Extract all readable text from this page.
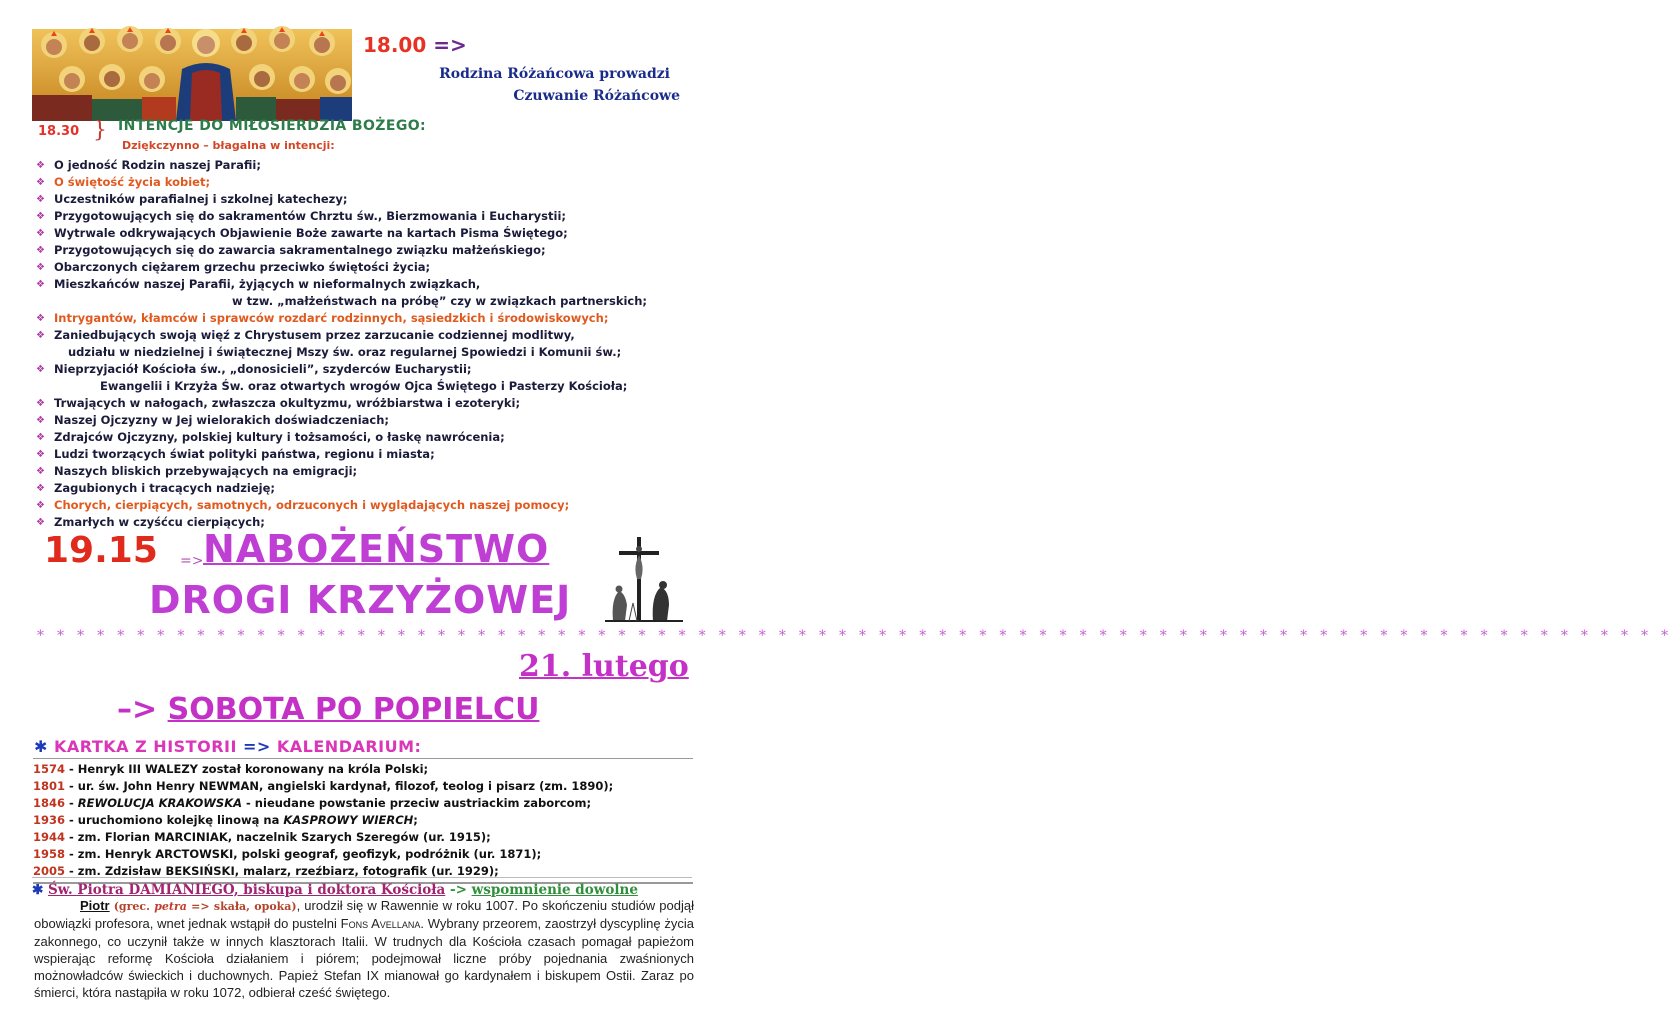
18.00 =>
Rodzina Różańcowa prowadzi
Czuwanie Różańcowe
18.30 } INTENCJE DO MIŁOSIERDZIA BOŻEGO:
Dziękczynno – błagalna w intencji:
❖ O jedność Rodzin naszej Parafii;
❖ O świętość życia kobiet;
❖ Uczestników parafialnej i szkolnej katechezy;
❖ Przygotowujących się do sakramentów Chrztu św., Bierzmowania i Eucharystii;
❖ Wytrwale odkrywających Objawienie Boże zawarte na kartach Pisma Świętego;
❖ Przygotowujących się do zawarcia sakramentalnego związku małżeńskiego;
❖ Obarczonych ciężarem grzechu przeciwko świętości życia;
❖ Mieszkańców naszej Parafii, żyjących w nieformalnych związkach,
w tzw. „małżeństwach na próbę” czy w związkach partnerskich;
❖ Intrygantów, kłamców i sprawców rozdarć rodzinnych, sąsiedzkich i środowiskowych;
❖ Zaniedbujących swoją więź z Chrystusem przez zarzucanie codziennej modlitwy,
udziału w niedzielnej i świątecznej Mszy św. oraz regularnej Spowiedzi i Komunii św.;
❖ Nieprzyjaciół Kościoła św., „donosicieli”, szyderców Eucharystii;
Ewangelii i Krzyża Św. oraz otwartych wrogów Ojca Świętego i Pasterzy Kościoła;
❖ Trwających w nałogach, zwłaszcza okultyzmu, wróżbiarstwa i ezoteryki;
❖ Naszej Ojczyzny w Jej wielorakich doświadczeniach;
❖ Zdrajców Ojczyzny, polskiej kultury i tożsamości, o łaskę nawrócenia;
❖ Ludzi tworzących świat polityki państwa, regionu i miasta;
❖ Naszych bliskich przebywających na emigracji;
❖ Zagubionych i tracących nadzieję;
❖ Chorych, cierpiących, samotnych, odrzuconych i wyglądających naszej pomocy;
❖ Zmarłych w czyśćcu cierpiących;
19.15 => NABOŻEŃSTWO
DROGI KRZYŻOWEJ
* * * * * * * * * * * * * * * * * * * * * * * * * * * * * * * * * * * * * * * * * * * * * * * * * * * * * * * * * * * * * * * * * * * * * * * * * * * * * * * * * *
21. lutego
–> SOBOTA PO POPIELCU
✱ KARTKA Z HISTORII => KALENDARIUM:
1574 - Henryk III WALEZY został koronowany na króla Polski;
1801 - ur. św. John Henry NEWMAN, angielski kardynał, filozof, teolog i pisarz (zm. 1890);
1846 - REWOLUCJA KRAKOWSKA - nieudane powstanie przeciw austriackim zaborcom;
1936 - uruchomiono kolejkę linową na KASPROWY WIERCH;
1944 - zm. Florian MARCINIAK, naczelnik Szarych Szeregów (ur. 1915);
1958 - zm. Henryk ARCTOWSKI, polski geograf, geofizyk, podróżnik (ur. 1871);
2005 - zm. Zdzisław BEKSIŃSKI, malarz, rzeźbiarz, fotografik (ur. 1929);
✱ Św. Piotra DAMIANIEGO, biskupa i doktora Kościoła -> wspomnienie dowolne
Piotr (grec. petra => skała, opoka), urodził się w Rawennie w roku 1007. Po skończeniu studiów podjął obowiązki profesora, wnet jednak wstąpił do pustelni Fons Avellana. Wybrany przeorem, zaostrzył dyscyplinę życia zakonnego, co uczynił także w innych klasztorach Italii. W trudnych dla Kościoła czasach pomagał papieżom wspierając reformę Kościoła działaniem i piórem; podejmował liczne próby pojednania zwaśnionych możnowładców świeckich i duchownych. Papież Stefan IX mianował go kardynałem i biskupem Ostii. Zaraz po śmierci, która nastąpiła w roku 1072, odbierał cześć świętego.
